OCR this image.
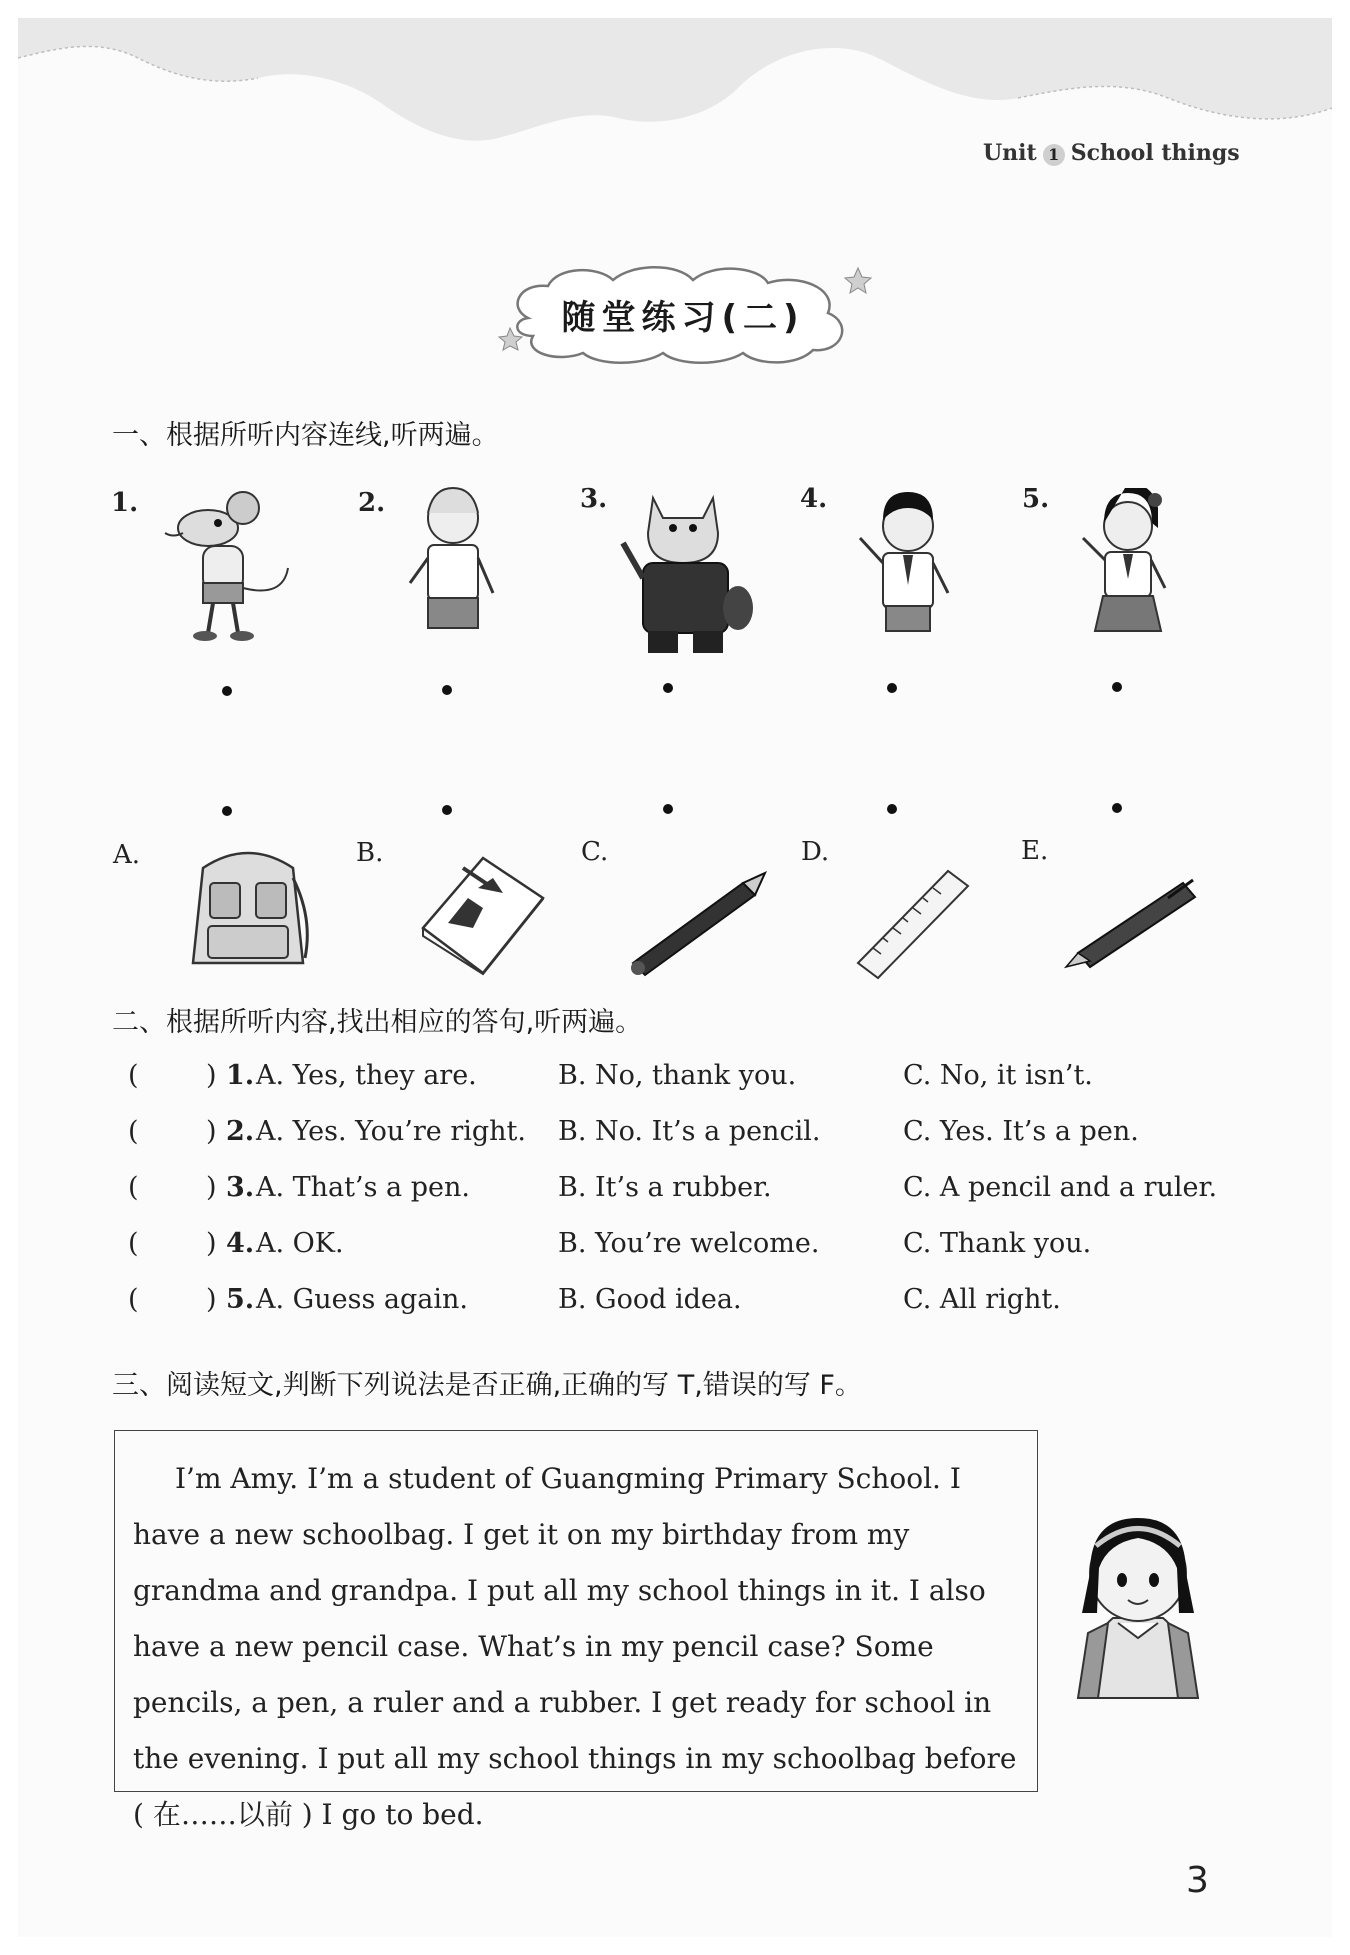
Unit 1 School things
随堂练习(二)
一、根据所听内容连线,听两遍。
1.	2.	3.	4.	5.
A.	B.	C.	D.	E.
二、根据所听内容,找出相应的答句,听两遍。
( ) 1. A. Yes, they are.	B. No, thank you.	C. No, it isn’t.
( ) 2. A. Yes. You’re right. B. No. It’s a pencil.	C. Yes. It’s a pen.
( ) 3. A. That’s a pen.	B. It’s a rubber.	C. A pencil and a ruler.
( ) 4. A. OK.	B. You’re welcome.	C. Thank you.
( ) 5. A. Guess again.	B. Good idea.	C. All right.
三、阅读短文,判断下列说法是否正确,正确的写 T,错误的写 F。

I’m Amy. I’m a student of Guangming Primary School. I have a new schoolbag. I get it on my birthday from my grandma and grandpa. I put all my school things in it. I also have a new pencil case. What’s in my pencil case? Some pencils, a pen, a ruler and a rubber. I get ready for school in the evening. I put all my school things in my schoolbag before ( 在……以前 ) I go to bed.

3
